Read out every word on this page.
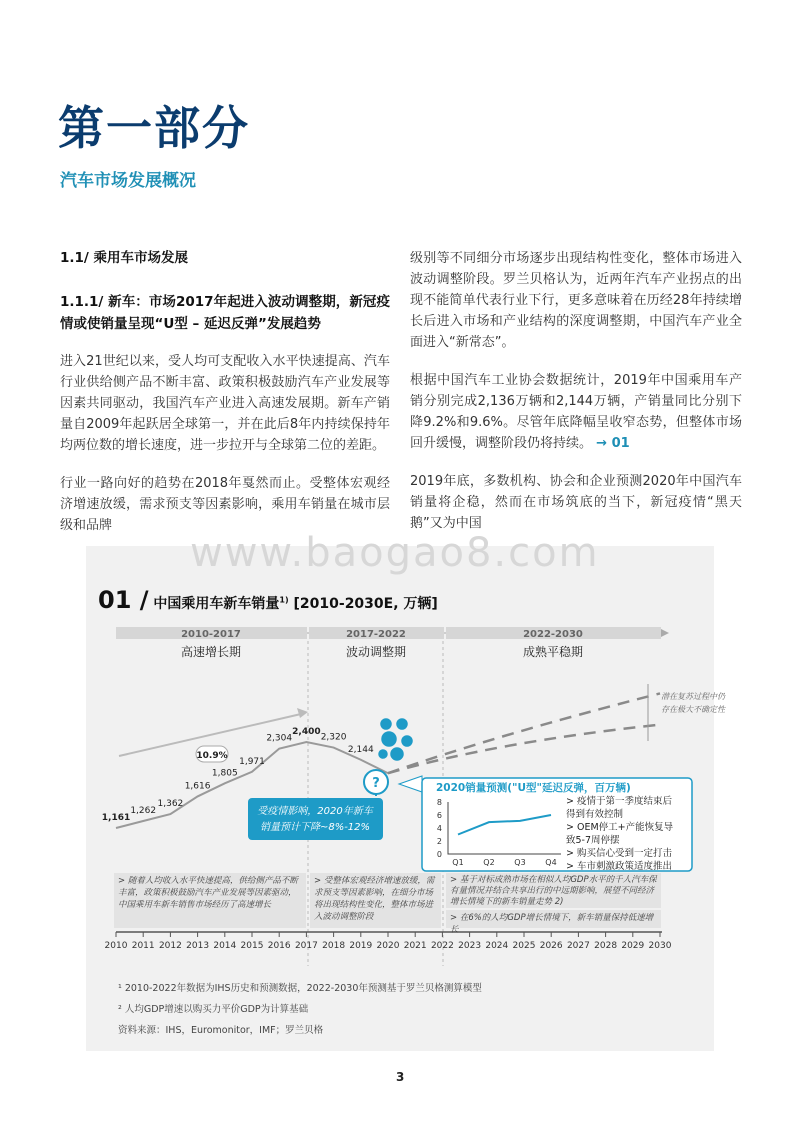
第一部分
汽车市场发展概况

1.1/ 乘用车市场发展

1.1.1/ 新车：市场2017年起进入波动调整期，新冠疫情或使销量呈现“U型 – 延迟反弹”发展趋势

进入21世纪以来，受人均可支配收入水平快速提高、汽车行业供给侧产品不断丰富、政策积极鼓励汽车产业发展等因素共同驱动，我国汽车产业进入高速发展期。新车产销量自2009年起跃居全球第一，并在此后8年内持续保持年均两位数的增长速度，进一步拉开与全球第二位的差距。

行业一路向好的趋势在2018年戛然而止。受整体宏观经济增速放缓，需求预支等因素影响，乘用车销量在城市层级和品牌

级别等不同细分市场逐步出现结构性变化，整体市场进入波动调整阶段。罗兰贝格认为，近两年汽车产业拐点的出现不能简单代表行业下行，更多意味着在历经28年持续增长后进入市场和产业结构的深度调整期，中国汽车产业全面进入“新常态”。

根据中国汽车工业协会数据统计，2019年中国乘用车产销分别完成2,136万辆和2,144万辆，产销量同比分别下降9.2%和9.6%。尽管年底降幅呈收窄态势，但整体市场回升缓慢，调整阶段仍将持续。 → 01

2019年底，多数机构、协会和企业预测2020年中国汽车销量将企稳，然而在市场筑底的当下，新冠疫情“黑天鹅”又为中国

www.baogao8.com
01 / 中国乘用车新车销量$^{1)}$ [2010-2030E, 万辆]
2010-2017	2017-2022	2022-2030
高速增长期	波动调整期	成熟平稳期
10.9%
1,161
1,262
1,362
1,616
1,805
1,971
2,304
2,400
2,320
2,144
潜在复苏过程中仍
存在极大不确定性
?
受疫情影响，2020年新车
销量预计下降~8%-12%
2020销量预测("U型"延迟反弹，百万辆)
0
2
4
6
8
Q1 Q2 Q3 Q4
> 疫情于第一季度结束后
得到有效控制
> OEM停工+产能恢复导
致5-7周停摆
> 购买信心受到一定打击
> 车市刺激政策适度推出
2010 2011 2012 2013 2014 2015 2016 2017 2018 2019 2020 2021 2022 2023 2024 2025 2026 2027 2028 2029 2030
> 随着人均收入水平快速提高，供给侧产品不断丰富，政策积极鼓励汽车产业发展等因素驱动，中国乘用车新车销售市场经历了高速增长
> 受整体宏观经济增速放缓，需求预支等因素影响，在细分市场将出现结构性变化，整体市场进入波动调整阶段
> 基于对标成熟市场在相似人均GDP水平的千人汽车保有量情况并结合共享出行的中远期影响，展望不同经济增长情境下的新车销量走势 2)
> 在6%的人均GDP增长情境下，新车销量保持低速增长
¹ 2010-2022年数据为IHS历史和预测数据，2022-2030年预测基于罗兰贝格测算模型
² 人均GDP增速以购买力平价GDP为计算基础
资料来源：IHS，Euromonitor，IMF；罗兰贝格
3
